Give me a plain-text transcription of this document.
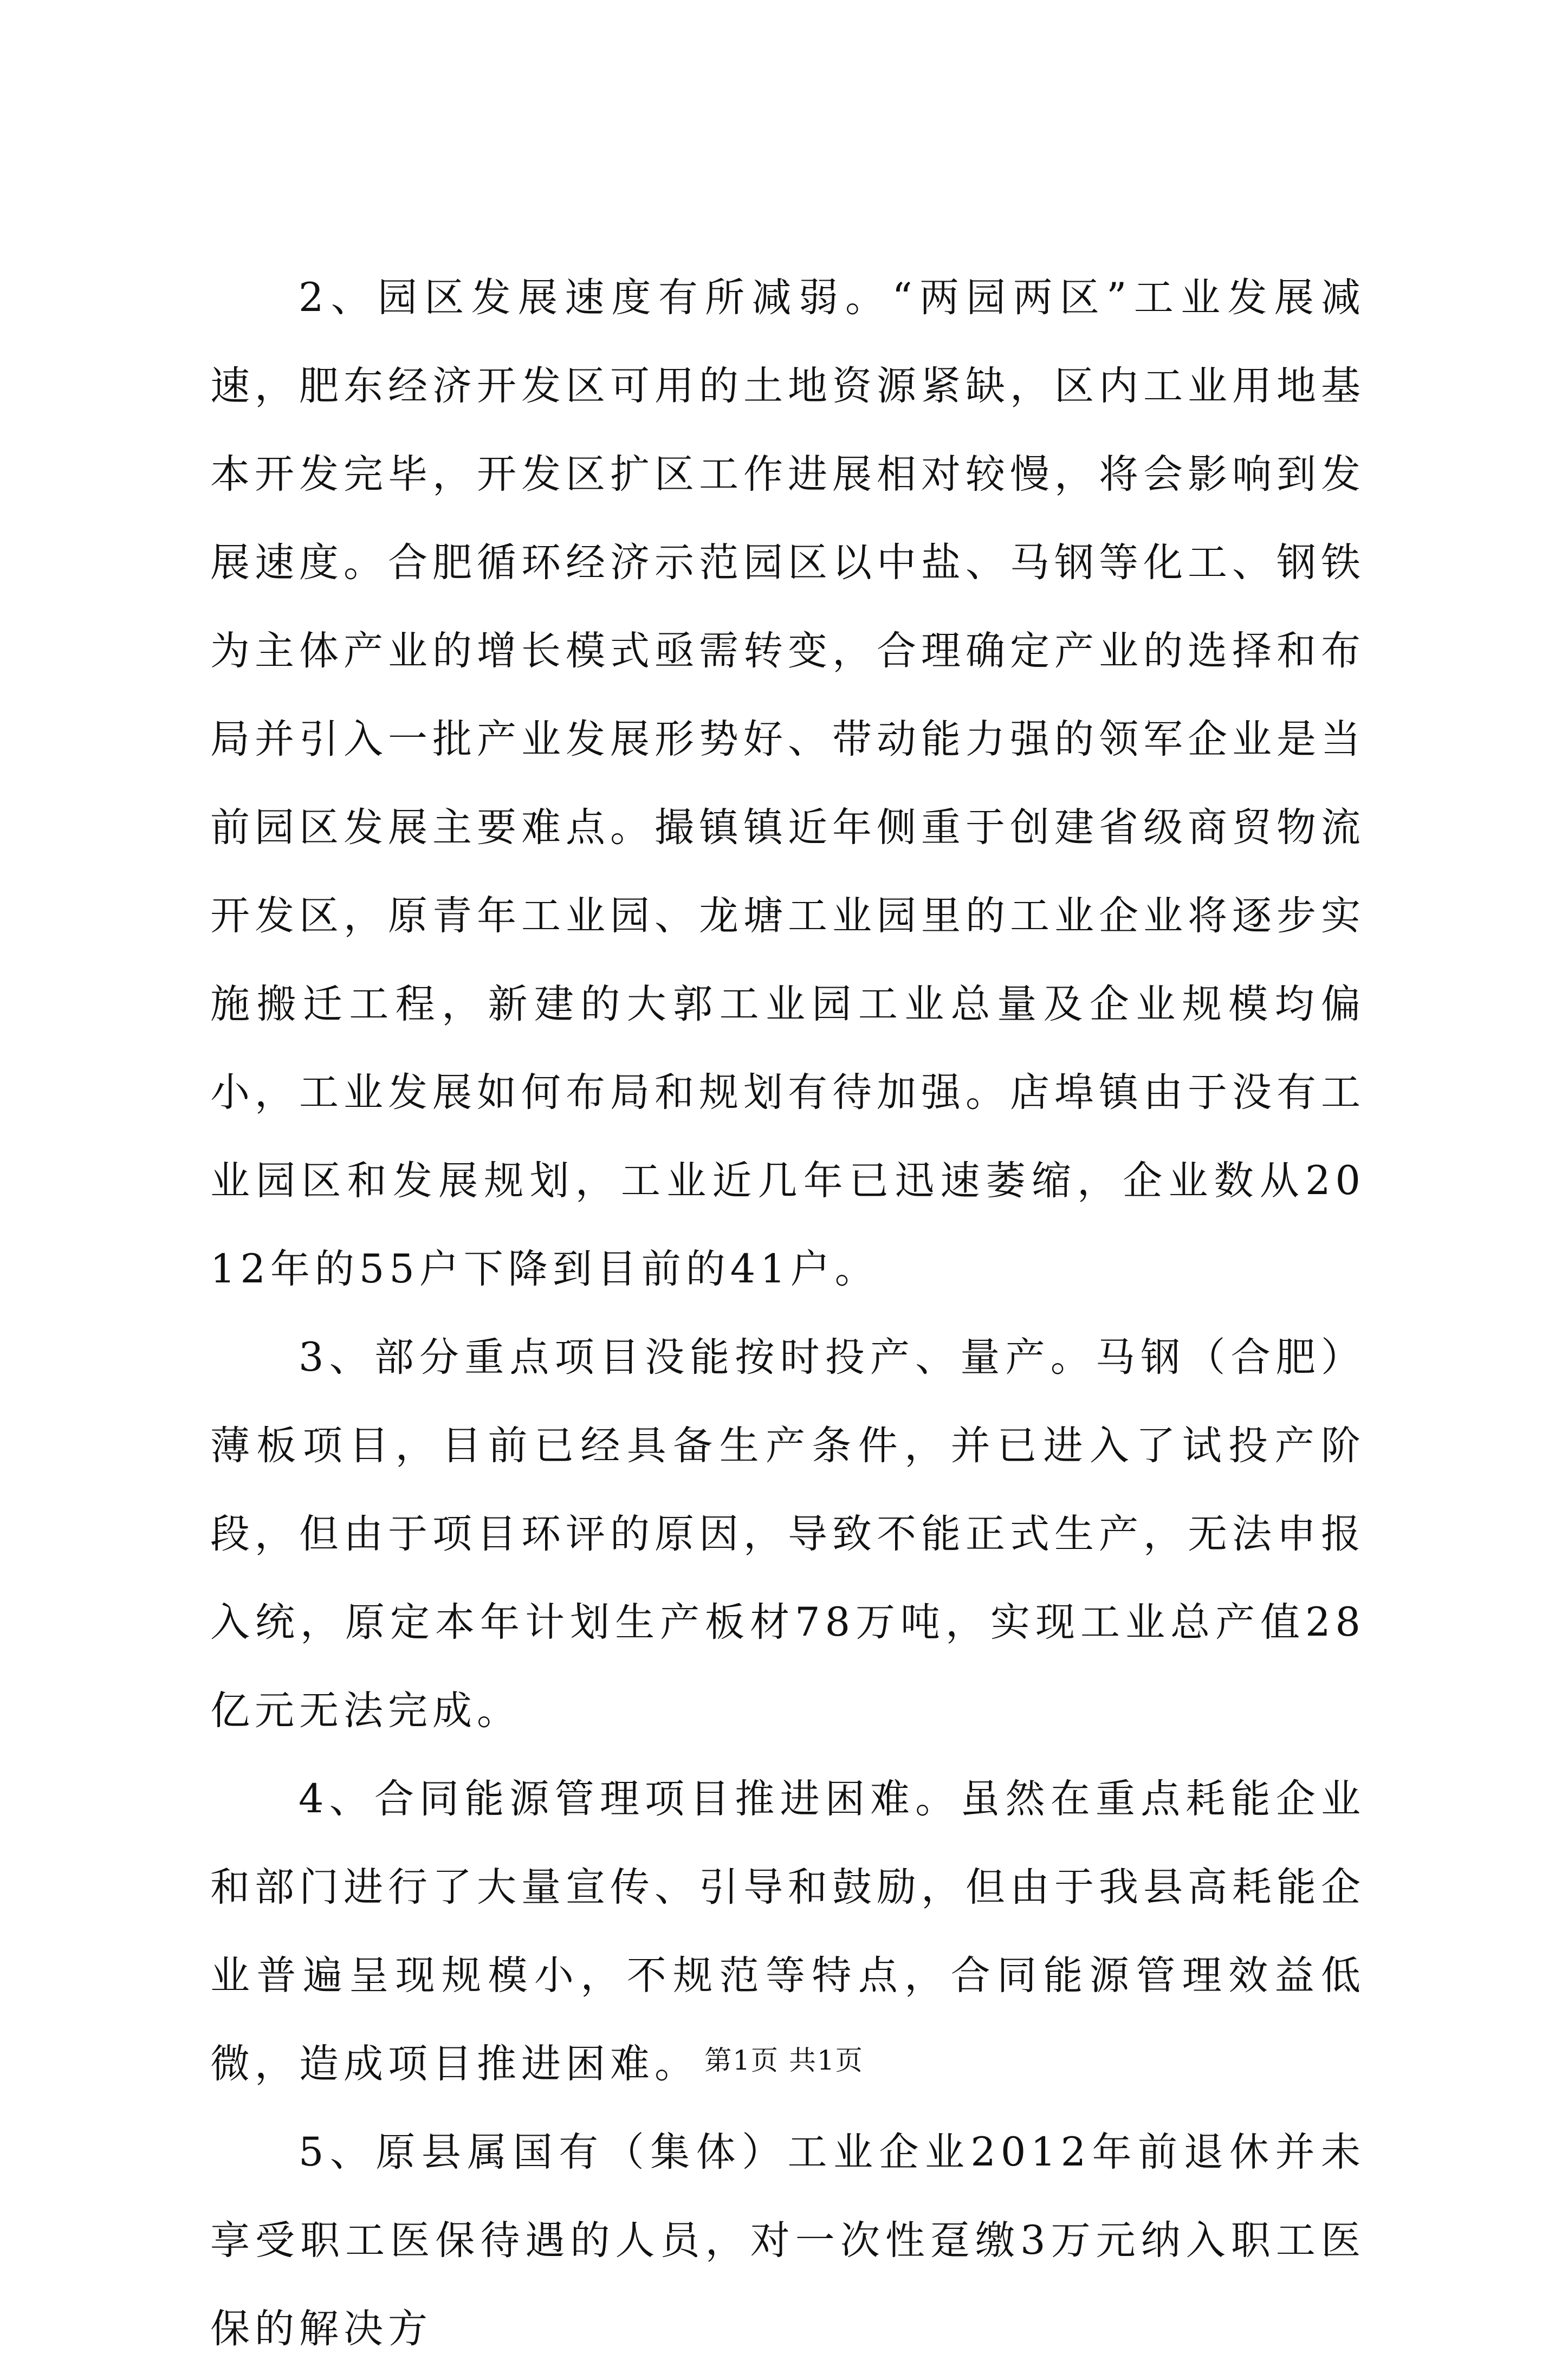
2、园区发展速度有所减弱。“两园两区”工业发展减速，肥东经济开发区可用的土地资源紧缺，区内工业用地基本开发完毕，开发区扩区工作进展相对较慢，将会影响到发展速度。合肥循环经济示范园区以中盐、马钢等化工、钢铁为主体产业的增长模式亟需转变，合理确定产业的选择和布局并引入一批产业发展形势好、带动能力强的领军企业是当前园区发展主要难点。撮镇镇近年侧重于创建省级商贸物流开发区，原青年工业园、龙塘工业园里的工业企业将逐步实施搬迁工程，新建的大郭工业园工业总量及企业规模均偏小，工业发展如何布局和规划有待加强。店埠镇由于没有工业园区和发展规划，工业近几年已迅速萎缩，企业数从2012年的55户下降到目前的41户。

3、部分重点项目没能按时投产、量产。马钢（合肥）薄板项目，目前已经具备生产条件，并已进入了试投产阶段，但由于项目环评的原因，导致不能正式生产，无法申报入统，原定本年计划生产板材78万吨，实现工业总产值28亿元无法完成。

4、合同能源管理项目推进困难。虽然在重点耗能企业和部门进行了大量宣传、引导和鼓励，但由于我县高耗能企业普遍呈现规模小，不规范等特点，合同能源管理效益低微，造成项目推进困难。

5、原县属国有（集体）工业企业2012年前退休并未享受职工医保待遇的人员，对一次性趸缴3万元纳入职工医保的解决方

第1页 共1页
